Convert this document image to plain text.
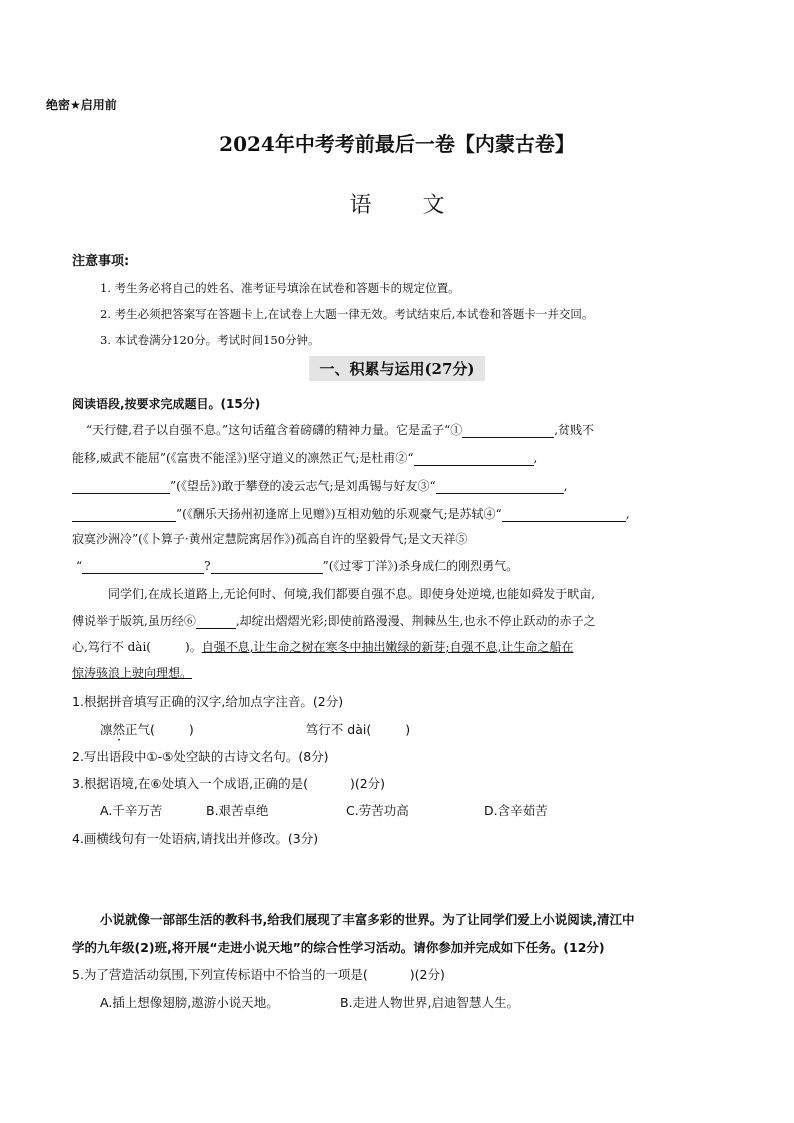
绝密★启用前
2024年中考考前最后一卷【内蒙古卷】
语 文
注意事项:
1. 考生务必将自己的姓名、准考证号填涂在试卷和答题卡的规定位置。
2. 考生必须把答案写在答题卡上,在试卷上大题一律无效。考试结束后,本试卷和答题卡一并交回。
3. 本试卷满分120分。考试时间150分钟。
一、积累与运用(27分)
阅读语段,按要求完成题目。(15分)
“天行健,君子以自强不息。”这句话蕴含着磅礴的精神力量。它是孟子“①	,贫贱不
能移,威武不能屈”(《富贵不能淫》)坚守道义的凛然正气;是杜甫②“	,
”(《望岳》)敢于攀登的凌云志气;是刘禹锡与好友③“	,
”(《酬乐天扬州初逢席上见赠》)互相劝勉的乐观豪气;是苏轼④“	,
寂寞沙洲冷”(《卜算子·黄州定慧院寓居作》)孤高自许的坚毅骨气;是文天祥⑤
“	?	”(《过零丁洋》)杀身成仁的刚烈勇气。
同学们,在成长道路上,无论何时、何境,我们都要自强不息。即使身处逆境,也能如舜发于畎亩,
傅说举于版筑,虽历经⑥	,却绽出熠熠光彩;即使前路漫漫、荆棘丛生,也永不停止跃动的赤子之
心,笃行不 dài(	)。自强不息,让生命之树在寒冬中抽出嫩绿的新芽;自强不息,让生命之船在
惊涛骇浪上驶向理想。
1.根据拼音填写正确的汉字,给加点字注音。(2分)
凛然正气(	)	笃行不 dài(	)
2.写出语段中①-⑤处空缺的古诗文名句。(8分)
3.根据语境,在⑥处填入一个成语,正确的是(	)(2分)
A.千辛万苦	B.艰苦卓绝	C.劳苦功高	D.含辛茹苦
4.画横线句有一处语病,请找出并修改。(3分)
小说就像一部部生活的教科书,给我们展现了丰富多彩的世界。为了让同学们爱上小说阅读,清江中
学的九年级(2)班,将开展“走进小说天地”的综合性学习活动。请你参加并完成如下任务。(12分)
5.为了营造活动氛围,下列宣传标语中不恰当的一项是(	)(2分)
A.插上想像翅膀,遨游小说天地。	B.走进人物世界,启迪智慧人生。
